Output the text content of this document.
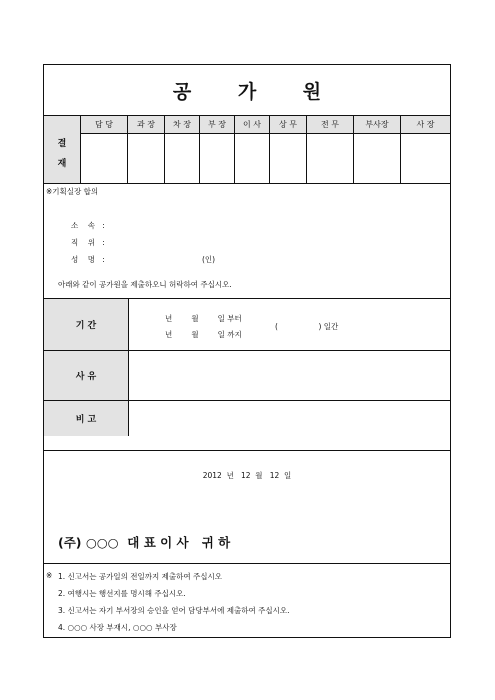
공 가 원
결
재
담 당	과 장	차 장	부 장	이 사	상 무	전 무	부사장	사 장
※기획실장 합의
소    속   :
직    위   :
성    명   :	(인)
아래와 같이 공가원을 제출하오니 허락하여 주십시오.
기 간
년        월        일 부터
년        월        일 까지
(                 ) 일간
사 유
비 고
2012  년   12  월   12  일
(주) ○○○  대 표 이 사   귀 하
※ 1. 신고서는 공가일의 전일까지 제출하여 주십시오
2. 여행시는 행선지를 명시해 주십시오.
3. 신고서는 자기 부서장의 승인을 얻어 담당부서에 제출하여 주십시오.
4. ○○○ 사장 부재시, ○○○ 부사장
